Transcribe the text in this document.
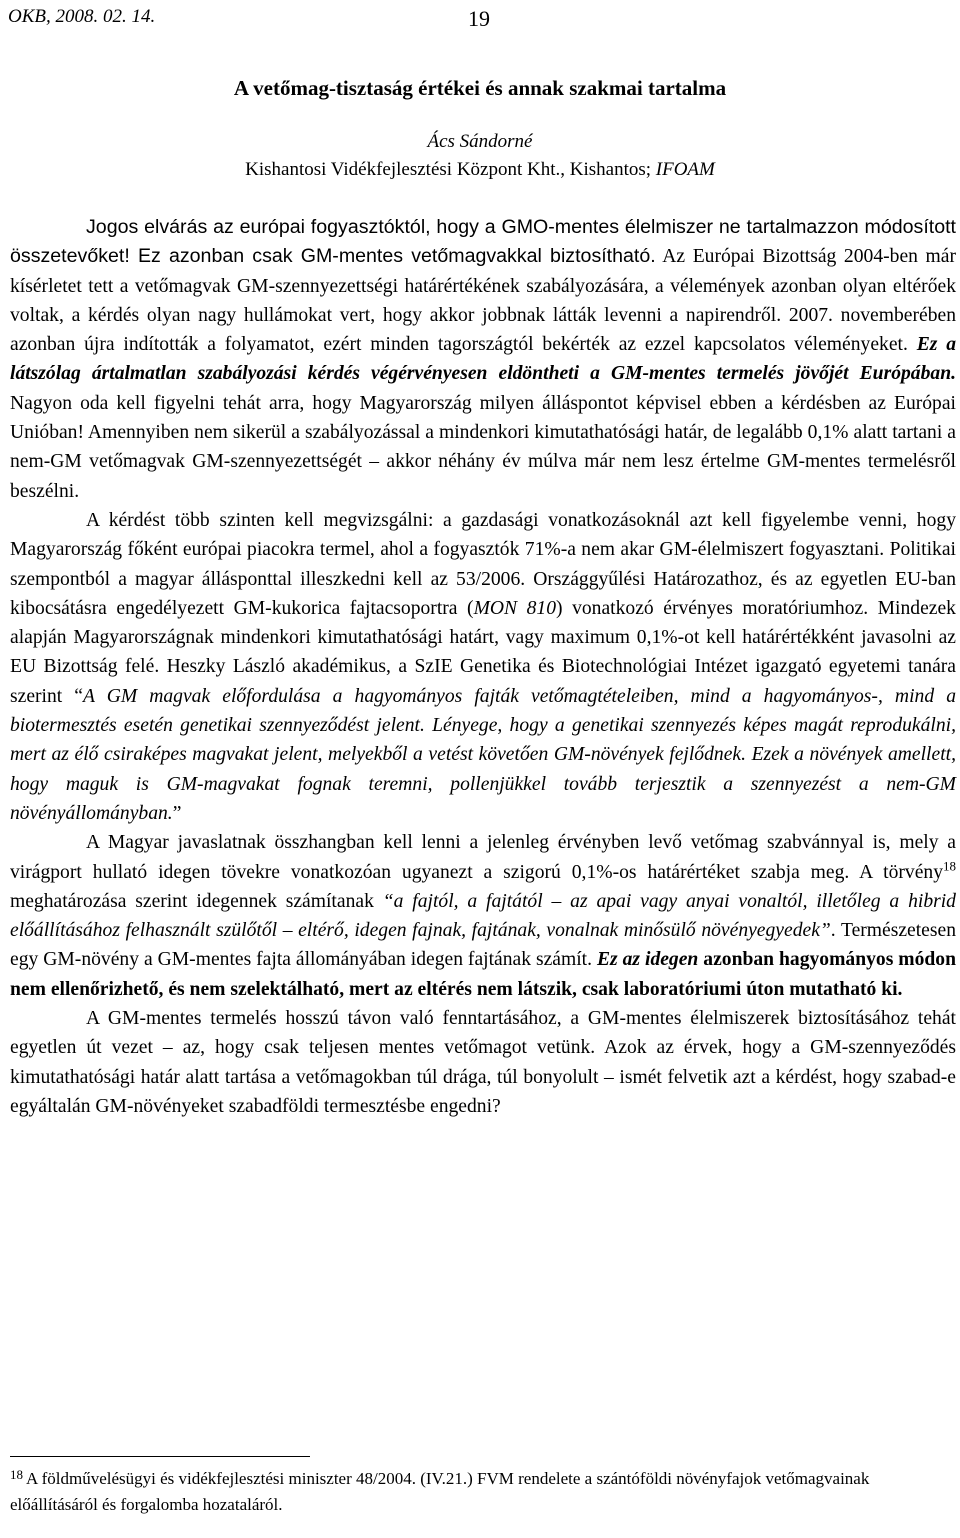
OKB, 2008. 02. 14.	19
A vetőmag-tisztaság értékei és annak szakmai tartalma
Ács Sándorné
Kishantosi Vidékfejlesztési Központ Kht., Kishantos; IFOAM

Jogos elvárás az európai fogyasztóktól, hogy a GMO-mentes élelmiszer ne tartalmazzon módosított összetevőket! Ez azonban csak GM-mentes vetőmagvakkal biztosítható. Az Európai Bizottság 2004-ben már kísérletet tett a vetőmagvak GM-szennyezettségi határértékének szabályozására, a vélemények azonban olyan eltérőek voltak, a kérdés olyan nagy hullámokat vert, hogy akkor jobbnak látták levenni a napirendről. 2007. novemberében azonban újra indították a folyamatot, ezért minden tagországtól bekérték az ezzel kapcsolatos véleményeket. Ez a látszólag ártalmatlan szabályozási kérdés végérvényesen eldöntheti a GM-mentes termelés jövőjét Európában. Nagyon oda kell figyelni tehát arra, hogy Magyarország milyen álláspontot képvisel ebben a kérdésben az Európai Unióban! Amennyiben nem sikerül a szabályozással a mindenkori kimutathatósági határ, de legalább 0,1% alatt tartani a nem-GM vetőmagvak GM-szennyezettségét – akkor néhány év múlva már nem lesz értelme GM-mentes termelésről beszélni.

A kérdést több szinten kell megvizsgálni: a gazdasági vonatkozásoknál azt kell figyelembe venni, hogy Magyarország főként európai piacokra termel, ahol a fogyasztók 71%-a nem akar GM-élelmiszert fogyasztani. Politikai szempontból a magyar állásponttal illeszkedni kell az 53/2006. Országgyűlési Határozathoz, és az egyetlen EU-ban kibocsátásra engedélyezett GM-kukorica fajtacsoportra (MON 810) vonatkozó érvényes moratóriumhoz. Mindezek alapján Magyarországnak mindenkori kimutathatósági határt, vagy maximum 0,1%-ot kell határértékként javasolni az EU Bizottság felé. Heszky László akadémikus, a SzIE Genetika és Biotechnológiai Intézet igazgató egyetemi tanára szerint “A GM magvak előfordulása a hagyományos fajták vetőmagtételeiben, mind a hagyományos-, mind a biotermesztés esetén genetikai szennyeződést jelent. Lényege, hogy a genetikai szennyezés képes magát reprodukálni, mert az élő csiraképes magvakat jelent, melyekből a vetést követően GM-növények fejlődnek. Ezek a növények amellett, hogy maguk is GM-magvakat fognak teremni, pollenjükkel tovább terjesztik a szennyezést a nem-GM növényállományban.”

A Magyar javaslatnak összhangban kell lenni a jelenleg érvényben levő vetőmag szabvánnyal is, mely a virágport hullató idegen tövekre vonatkozóan ugyanezt a szigorú 0,1%-os határértéket szabja meg. A törvény$^{18}$ meghatározása szerint idegennek számítanak “a fajtól, a fajtától – az apai vagy anyai vonaltól, illetőleg a hibrid előállításához felhasznált szülőtől – eltérő, idegen fajnak, fajtának, vonalnak minősülő növényegyedek”. Természetesen egy GM-növény a GM-mentes fajta állományában idegen fajtának számít. Ez az idegen azonban hagyományos módon nem ellenőrizhető, és nem szelektálható, mert az eltérés nem látszik, csak laboratóriumi úton mutatható ki.

A GM-mentes termelés hosszú távon való fenntartásához, a GM-mentes élelmiszerek biztosításához tehát egyetlen út vezet – az, hogy csak teljesen mentes vetőmagot vetünk. Azok az érvek, hogy a GM-szennyeződés kimutathatósági határ alatt tartása a vetőmagokban túl drága, túl bonyolult – ismét felvetik azt a kérdést, hogy szabad-e egyáltalán GM-növényeket szabadföldi termesztésbe engedni?

18 A földművelésügyi és vidékfejlesztési miniszter 48/2004. (IV.21.) FVM rendelete a szántóföldi növényfajok vetőmagvainak előállításáról és forgalomba hozataláról.
